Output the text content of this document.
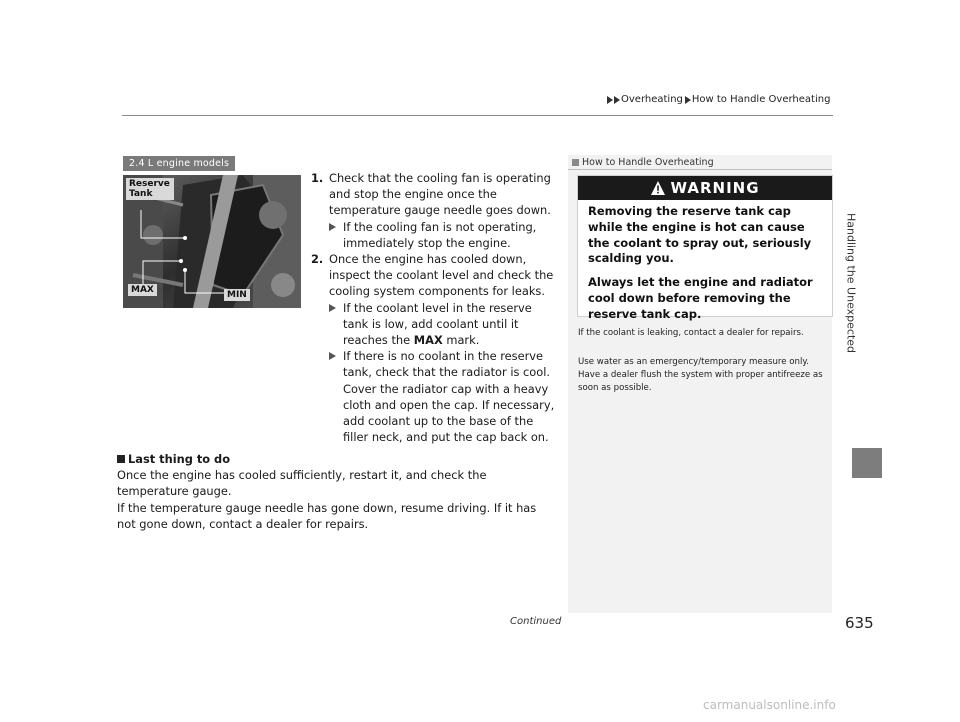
Overheating How to Handle Overheating
Handling the Unexpected
2.4 L engine models
Reserve Tank
MAX	MIN
1. Check that the cooling fan is operating and stop the engine once the temperature gauge needle goes down.
If the cooling fan is not operating, immediately stop the engine.
2. Once the engine has cooled down, inspect the coolant level and check the cooling system components for leaks.
If the coolant level in the reserve tank is low, add coolant until it reaches the MAX mark.
If there is no coolant in the reserve tank, check that the radiator is cool. Cover the radiator cap with a heavy cloth and open the cap. If necessary, add coolant up to the base of the filler neck, and put the cap back on.
Last thing to do
Once the engine has cooled sufficiently, restart it, and check the temperature gauge.
If the temperature gauge needle has gone down, resume driving. If it has not gone down, contact a dealer for repairs.
How to Handle Overheating
WARNING

Removing the reserve tank cap while the engine is hot can cause the coolant to spray out, seriously scalding you.

Always let the engine and radiator cool down before removing the reserve tank cap.

If the coolant is leaking, contact a dealer for repairs.
Use water as an emergency/temporary measure only. Have a dealer flush the system with proper antifreeze as soon as possible.
Continued	635
carmanualsonline.info
